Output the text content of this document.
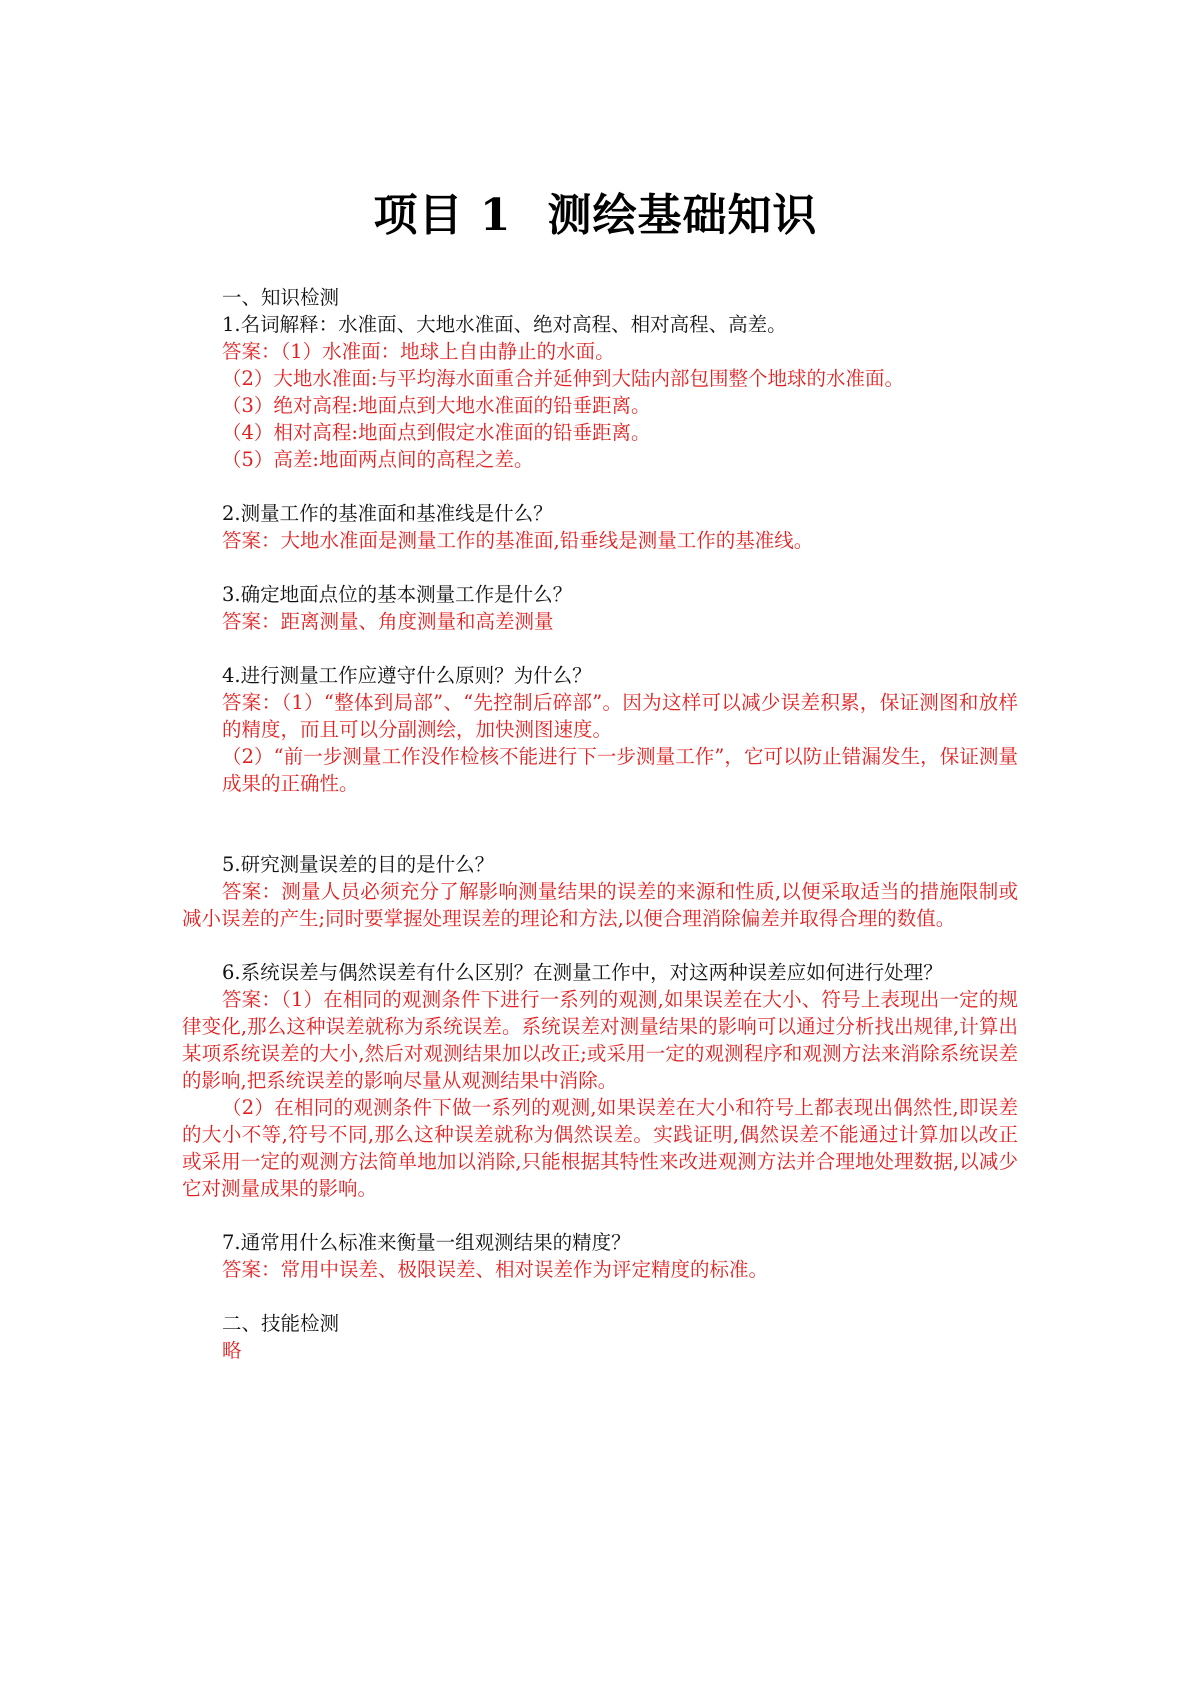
项目 1 测绘基础知识

一、知识检测

1.名词解释：水准面、大地水准面、绝对高程、相对高程、高差。

答案：（1）水准面：地球上自由静止的水面。

（2）大地水准面:与平均海水面重合并延伸到大陆内部包围整个地球的水准面。

（3）绝对高程:地面点到大地水准面的铅垂距离。

（4）相对高程:地面点到假定水准面的铅垂距离。

（5）高差:地面两点间的高程之差。

2.测量工作的基准面和基准线是什么？

答案：大地水准面是测量工作的基准面,铅垂线是测量工作的基准线。

3.确定地面点位的基本测量工作是什么？

答案：距离测量、角度测量和高差测量

4.进行测量工作应遵守什么原则？为什么？

答案：（1）“整体到局部”、“先控制后碎部”。因为这样可以减少误差积累，保证测图和放样的精度，而且可以分副测绘，加快测图速度。

（2）“前一步测量工作没作检核不能进行下一步测量工作”，它可以防止错漏发生，保证测量成果的正确性。

5.研究测量误差的目的是什么？

答案：测量人员必须充分了解影响测量结果的误差的来源和性质,以便采取适当的措施限制或减小误差的产生;同时要掌握处理误差的理论和方法,以便合理消除偏差并取得合理的数值。

6.系统误差与偶然误差有什么区别？在测量工作中，对这两种误差应如何进行处理？

答案：（1）在相同的观测条件下进行一系列的观测,如果误差在大小、符号上表现出一定的规律变化,那么这种误差就称为系统误差。系统误差对测量结果的影响可以通过分析找出规律,计算出某项系统误差的大小,然后对观测结果加以改正;或采用一定的观测程序和观测方法来消除系统误差的影响,把系统误差的影响尽量从观测结果中消除。

（2）在相同的观测条件下做一系列的观测,如果误差在大小和符号上都表现出偶然性,即误差的大小不等,符号不同,那么这种误差就称为偶然误差。实践证明,偶然误差不能通过计算加以改正或采用一定的观测方法简单地加以消除,只能根据其特性来改进观测方法并合理地处理数据,以减少它对测量成果的影响。

7.通常用什么标准来衡量一组观测结果的精度？

答案：常用中误差、极限误差、相对误差作为评定精度的标准。

二、技能检测

略
